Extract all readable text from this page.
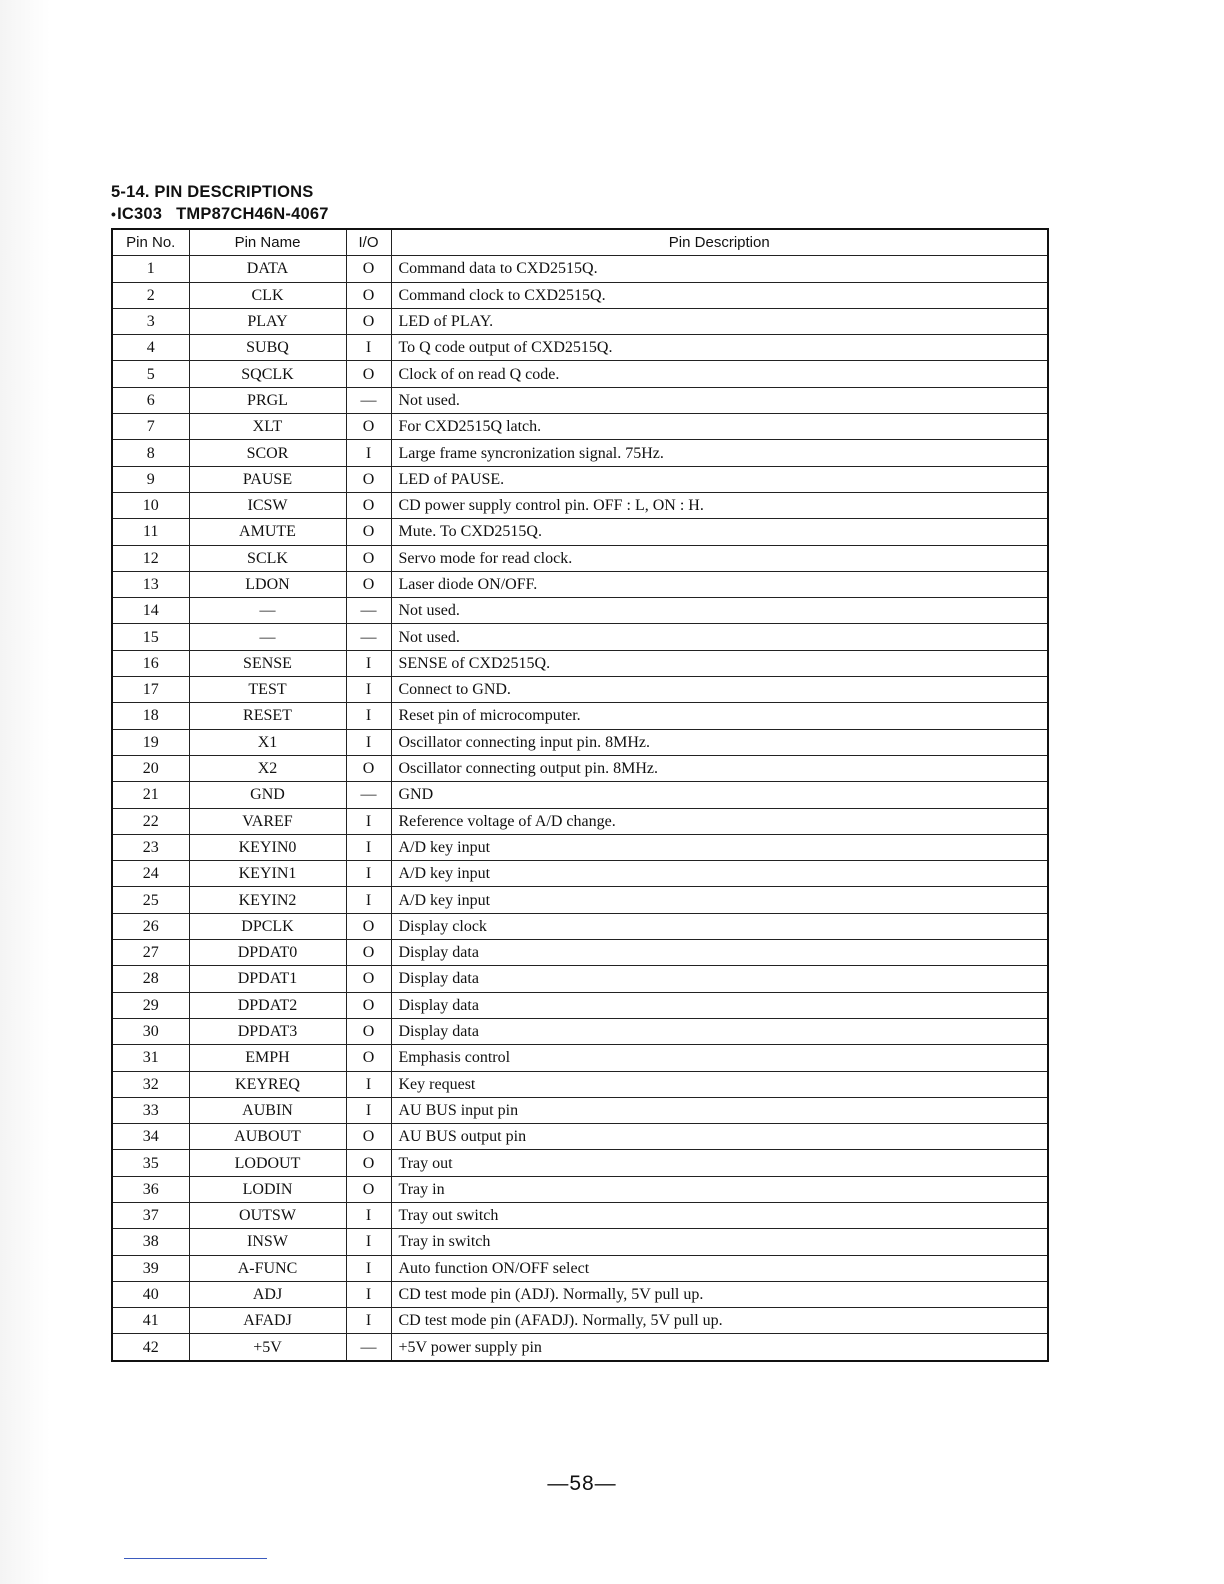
5-14. PIN DESCRIPTIONS
•IC303 TMP87CH46N-4067
Pin No.	Pin Name	I/O	Pin Description
1	DATA	O	Command data to CXD2515Q.
2	CLK	O	Command clock to CXD2515Q.
3	PLAY	O	LED of PLAY.
4	SUBQ	I	To Q code output of CXD2515Q.
5	SQCLK	O	Clock of on read Q code.
6	PRGL	—	Not used.
7	XLT	O	For CXD2515Q latch.
8	SCOR	I	Large frame syncronization signal. 75Hz.
9	PAUSE	O	LED of PAUSE.
10	ICSW	O	CD power supply control pin. OFF : L, ON : H.
11	AMUTE	O	Mute. To CXD2515Q.
12	SCLK	O	Servo mode for read clock.
13	LDON	O	Laser diode ON/OFF.
14	—	—	Not used.
15	—	—	Not used.
16	SENSE	I	SENSE of CXD2515Q.
17	TEST	I	Connect to GND.
18	RESET	I	Reset pin of microcomputer.
19	X1	I	Oscillator connecting input pin. 8MHz.
20	X2	O	Oscillator connecting output pin. 8MHz.
21	GND	—	GND
22	VAREF	I	Reference voltage of A/D change.
23	KEYIN0	I	A/D key input
24	KEYIN1	I	A/D key input
25	KEYIN2	I	A/D key input
26	DPCLK	O	Display clock
27	DPDAT0	O	Display data
28	DPDAT1	O	Display data
29	DPDAT2	O	Display data
30	DPDAT3	O	Display data
31	EMPH	O	Emphasis control
32	KEYREQ	I	Key request
33	AUBIN	I	AU BUS input pin
34	AUBOUT	O	AU BUS output pin
35	LODOUT	O	Tray out
36	LODIN	O	Tray in
37	OUTSW	I	Tray out switch
38	INSW	I	Tray in switch
39	A-FUNC	I	Auto function ON/OFF select
40	ADJ	I	CD test mode pin (ADJ). Normally, 5V pull up.
41	AFADJ	I	CD test mode pin (AFADJ). Normally, 5V pull up.
42	+5V	—	+5V power supply pin
—58—
